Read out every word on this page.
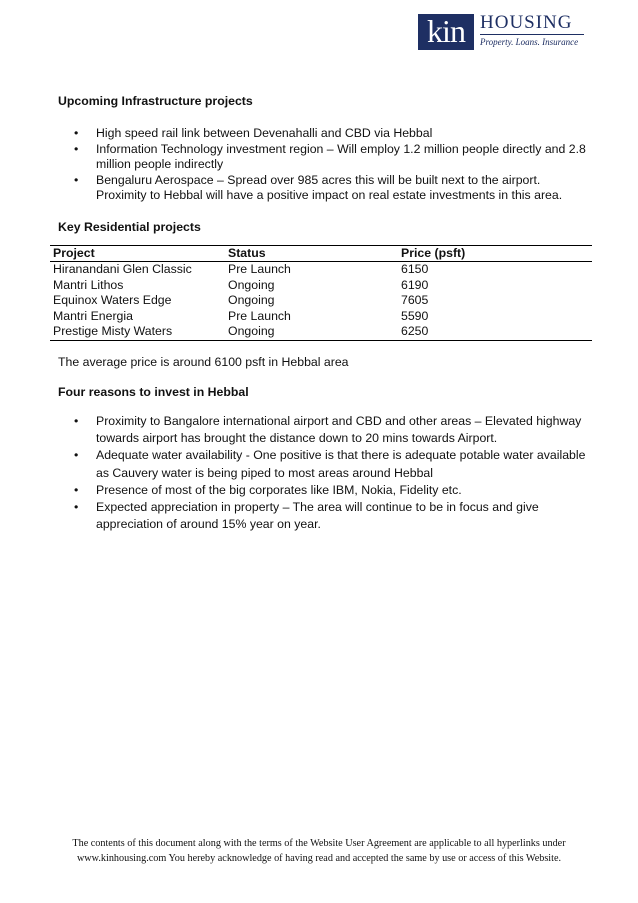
kin HOUSING
Property. Loans. Insurance
Upcoming Infrastructure projects
• High speed rail link between Devenahalli and CBD via Hebbal
• Information Technology investment region – Will employ 1.2 million people directly and 2.8 million people indirectly
• Bengaluru Aerospace – Spread over 985 acres this will be built next to the airport. Proximity to Hebbal will have a positive impact on real estate investments in this area.
Key Residential projects
Project	Status	Price (psft)
Hiranandani Glen Classic	Pre Launch	6150
Mantri Lithos	Ongoing	6190
Equinox Waters Edge	Ongoing	7605
Mantri Energia	Pre Launch	5590
Prestige Misty Waters	Ongoing	6250
The average price is around 6100 psft in Hebbal area
Four reasons to invest in Hebbal
• Proximity to Bangalore international airport and CBD and other areas – Elevated highway towards airport has brought the distance down to 20 mins towards Airport.
• Adequate water availability - One positive is that there is adequate potable water available as Cauvery water is being piped to most areas around Hebbal
• Presence of most of the big corporates like IBM, Nokia, Fidelity etc.
• Expected appreciation in property – The area will continue to be in focus and give appreciation of around 15% year on year.
The contents of this document along with the terms of the Website User Agreement are applicable to all hyperlinks under
www.kinhousing.com You hereby acknowledge of having read and accepted the same by use or access of this Website.
